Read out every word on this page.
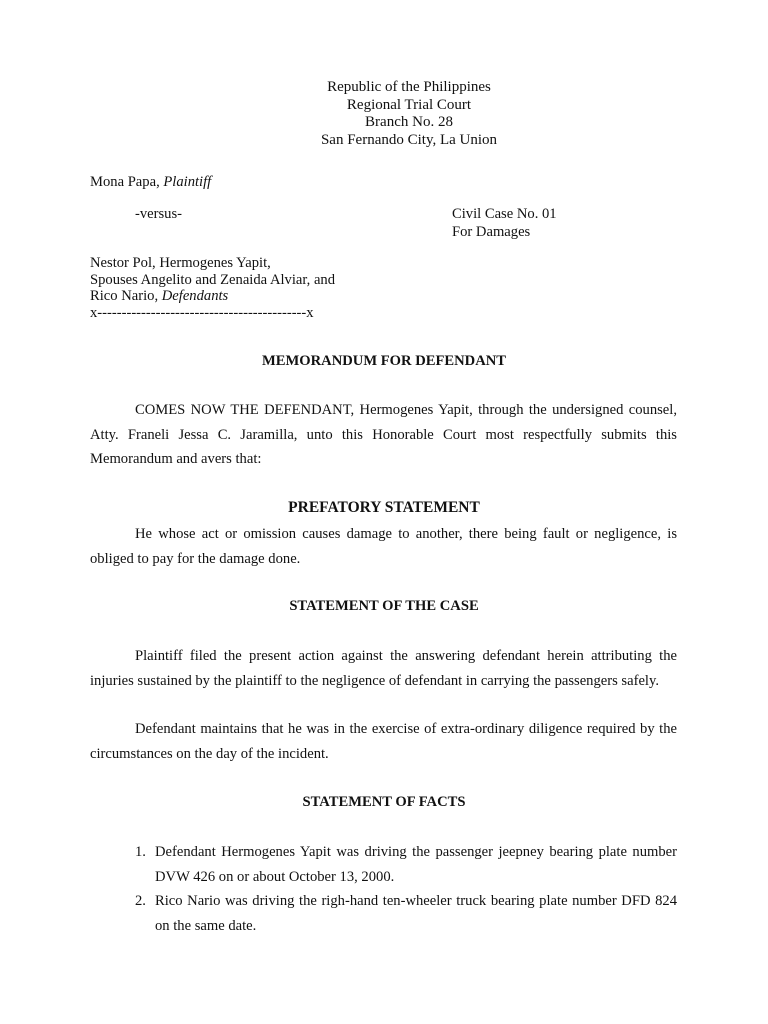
Republic of the Philippines
Regional Trial Court
Branch No. 28
San Fernando City, La Union
Mona Papa, Plaintiff
-versus-	Civil Case No. 01
For Damages
Nestor Pol, Hermogenes Yapit,
Spouses Angelito and Zenaida Alviar, and
Rico Nario, Defendants
x-------------------------------------------x
MEMORANDUM FOR DEFENDANT
COMES NOW THE DEFENDANT, Hermogenes Yapit, through the undersigned counsel, Atty. Franeli Jessa C. Jaramilla, unto this Honorable Court most respectfully submits this Memorandum and avers that:
PREFATORY STATEMENT
He whose act or omission causes damage to another, there being fault or negligence, is obliged to pay for the damage done.
STATEMENT OF THE CASE
Plaintiff filed the present action against the answering defendant herein attributing the injuries sustained by the plaintiff to the negligence of defendant in carrying the passengers safely.
Defendant maintains that he was in the exercise of extra-ordinary diligence required by the circumstances on the day of the incident.
STATEMENT OF FACTS
1. Defendant Hermogenes Yapit was driving the passenger jeepney bearing plate number DVW 426 on or about October 13, 2000.
2. Rico Nario was driving the righ-hand ten-wheeler truck bearing plate number DFD 824 on the same date.
